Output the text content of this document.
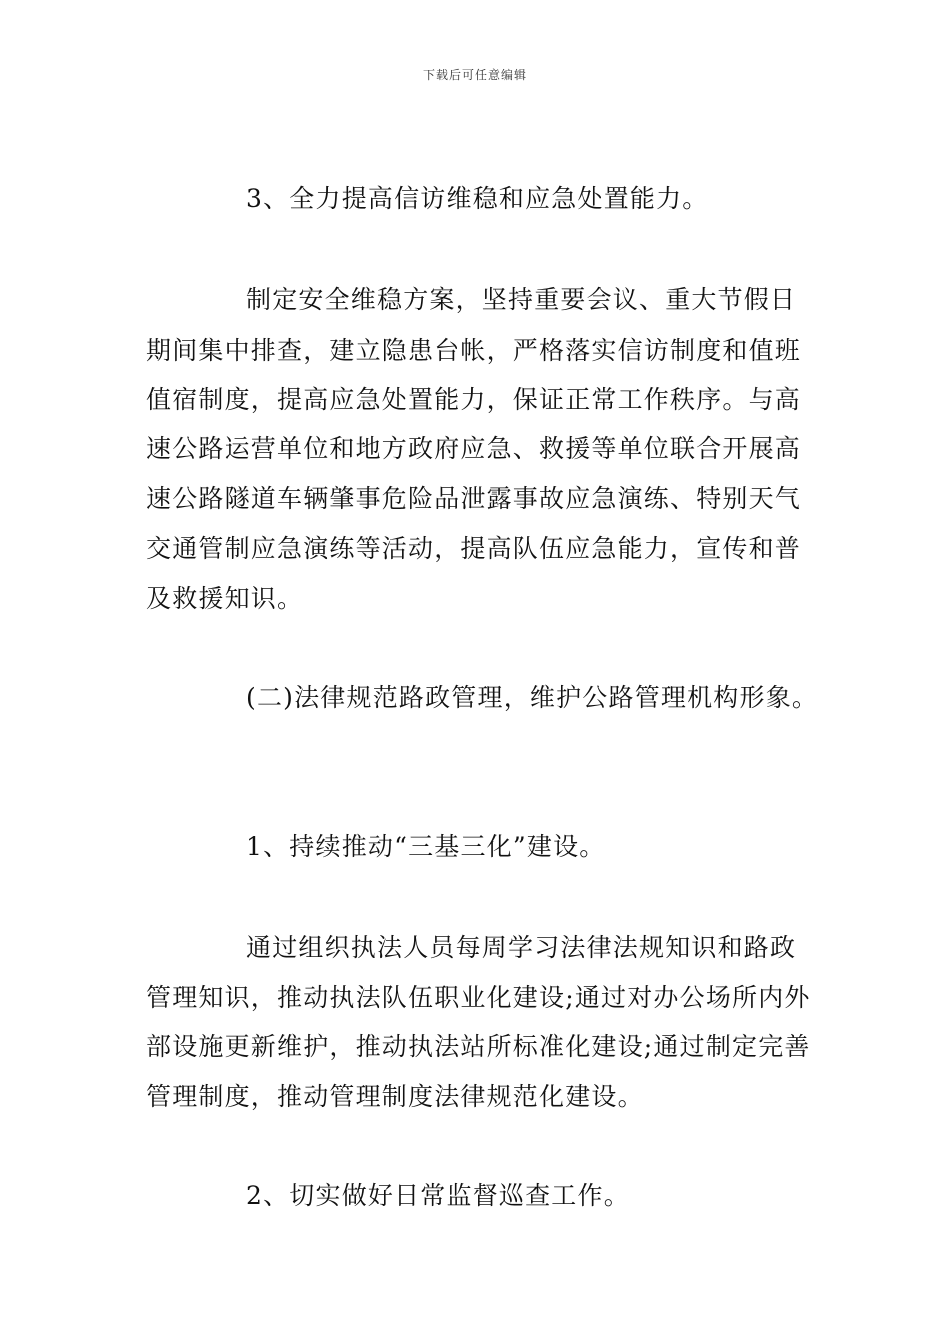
下载后可任意编辑
3、全力提高信访维稳和应急处置能力。
制定安全维稳方案，坚持重要会议、重大节假日
期间集中排查，建立隐患台帐，严格落实信访制度和值班
值宿制度，提高应急处置能力，保证正常工作秩序。与高
速公路运营单位和地方政府应急、救援等单位联合开展高
速公路隧道车辆肇事危险品泄露事故应急演练、特别天气
交通管制应急演练等活动，提高队伍应急能力，宣传和普
及救援知识。
(二)法律规范路政管理，维护公路管理机构形象。
1、持续推动“三基三化”建设。
通过组织执法人员每周学习法律法规知识和路政
管理知识，推动执法队伍职业化建设;通过对办公场所内外
部设施更新维护，推动执法站所标准化建设;通过制定完善
管理制度，推动管理制度法律规范化建设。
2、切实做好日常监督巡查工作。
